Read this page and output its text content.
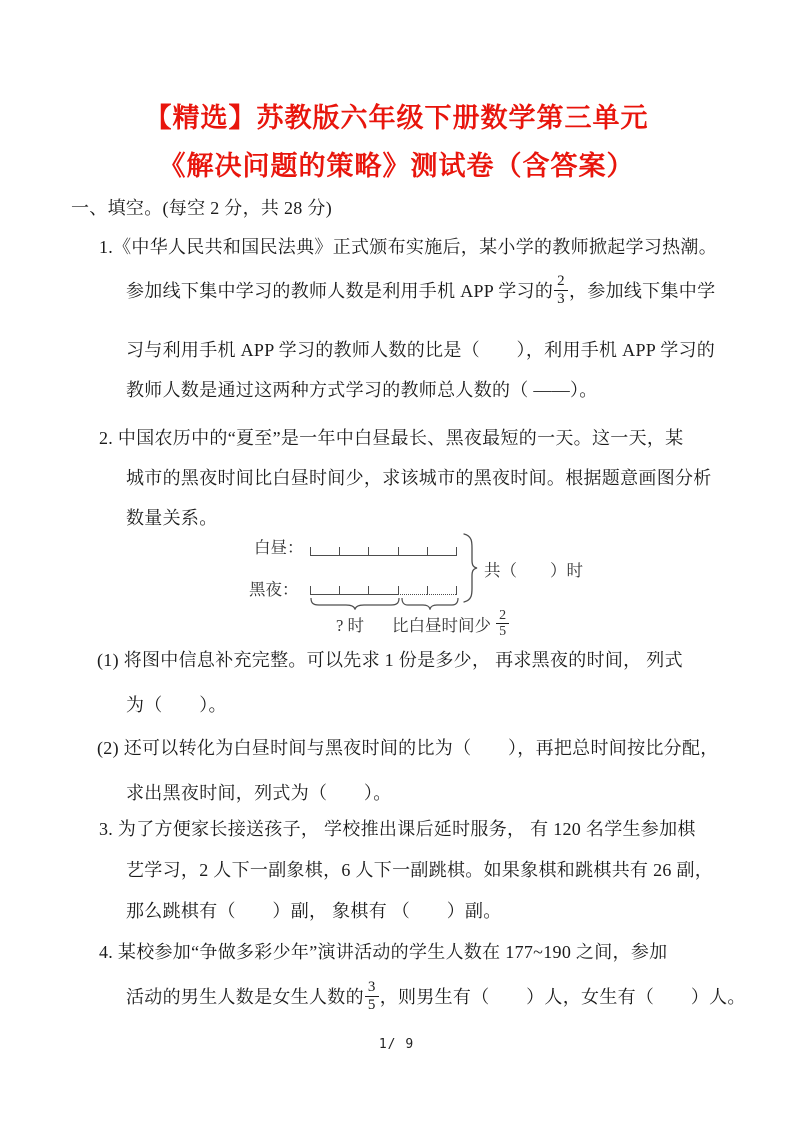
【精选】苏教版六年级下册数学第三单元
《解决问题的策略》测试卷（含答案）
一、填空。(每空 2 分，共 28 分)
1.《中华人民共和国民法典》正式颁布实施后，某小学的教师掀起学习热潮。
参加线下集中学习的教师人数是利用手机 APP 学习的 $\frac{2}{3}$ ，参加线下集中学
习与利用手机 APP 学习的教师人数的比是（　　），利用手机 APP 学习的
教师人数是通过这两种方式学习的教师总人数的（ ——）。
2. 中国农历中的“夏至”是一年中白昼最长、黑夜最短的一天。这一天，某
城市的黑夜时间比白昼时间少，求该城市的黑夜时间。根据题意画图分析
数量关系。
白昼：
黑夜：
共（　　）时
? 时 比白昼时间少 $\frac{2}{5}$
(1) 将图中信息补充完整。可以先求 1 份是多少， 再求黑夜的时间， 列式
为（　　）。
(2) 还可以转化为白昼时间与黑夜时间的比为（　　），再把总时间按比分配，
求出黑夜时间，列式为（　　）。
3. 为了方便家长接送孩子， 学校推出课后延时服务， 有 120 名学生参加棋
艺学习，2 人下一副象棋，6 人下一副跳棋。如果象棋和跳棋共有 26 副，
那么跳棋有（　　）副， 象棋有 （　　）副。
4. 某校参加“争做多彩少年”演讲活动的学生人数在 177~190 之间，参加
活动的男生人数是女生人数的 $\frac{3}{5}$ ，则男生有（　　）人，女生有（　　）人。
1/ 9
